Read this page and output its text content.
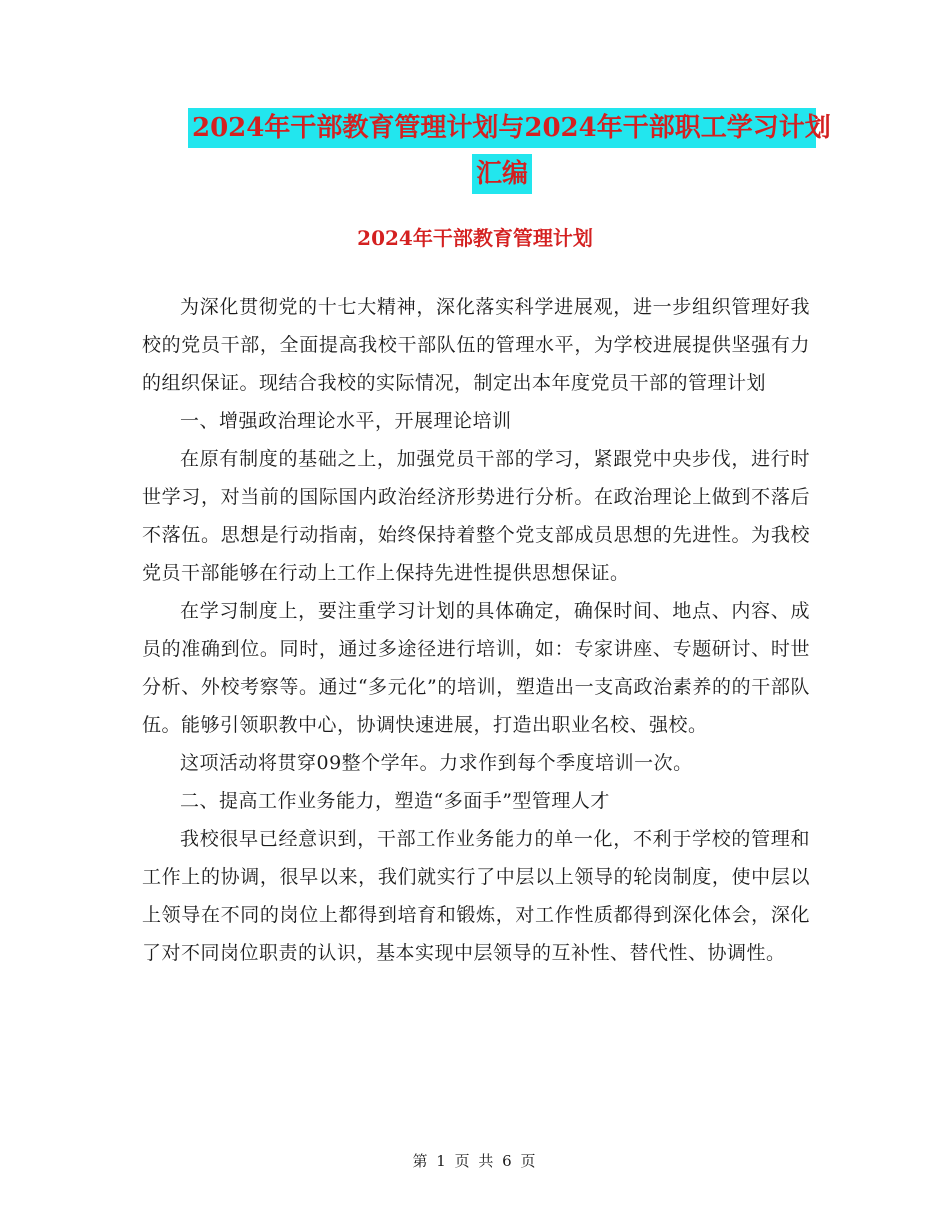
2024年干部教育管理计划与2024年干部职工学习计划
汇编
2024年干部教育管理计划

为深化贯彻党的十七大精神，深化落实科学进展观，进一步组织管理好我校的党员干部，全面提高我校干部队伍的管理水平，为学校进展提供坚强有力的组织保证。现结合我校的实际情况，制定出本年度党员干部的管理计划

一、增强政治理论水平，开展理论培训

在原有制度的基础之上，加强党员干部的学习，紧跟党中央步伐，进行时世学习，对当前的国际国内政治经济形势进行分析。在政治理论上做到不落后不落伍。思想是行动指南，始终保持着整个党支部成员思想的先进性。为我校党员干部能够在行动上工作上保持先进性提供思想保证。

在学习制度上，要注重学习计划的具体确定，确保时间、地点、内容、成员的准确到位。同时，通过多途径进行培训，如：专家讲座、专题研讨、时世分析、外校考察等。通过“多元化”的培训，塑造出一支高政治素养的的干部队伍。能够引领职教中心，协调快速进展，打造出职业名校、强校。

这项活动将贯穿09整个学年。力求作到每个季度培训一次。

二、提高工作业务能力，塑造“多面手”型管理人才

我校很早已经意识到，干部工作业务能力的单一化，不利于学校的管理和工作上的协调，很早以来，我们就实行了中层以上领导的轮岗制度，使中层以上领导在不同的岗位上都得到培育和锻炼，对工作性质都得到深化体会，深化了对不同岗位职责的认识，基本实现中层领导的互补性、替代性、协调性。

第 1 页 共 6 页
